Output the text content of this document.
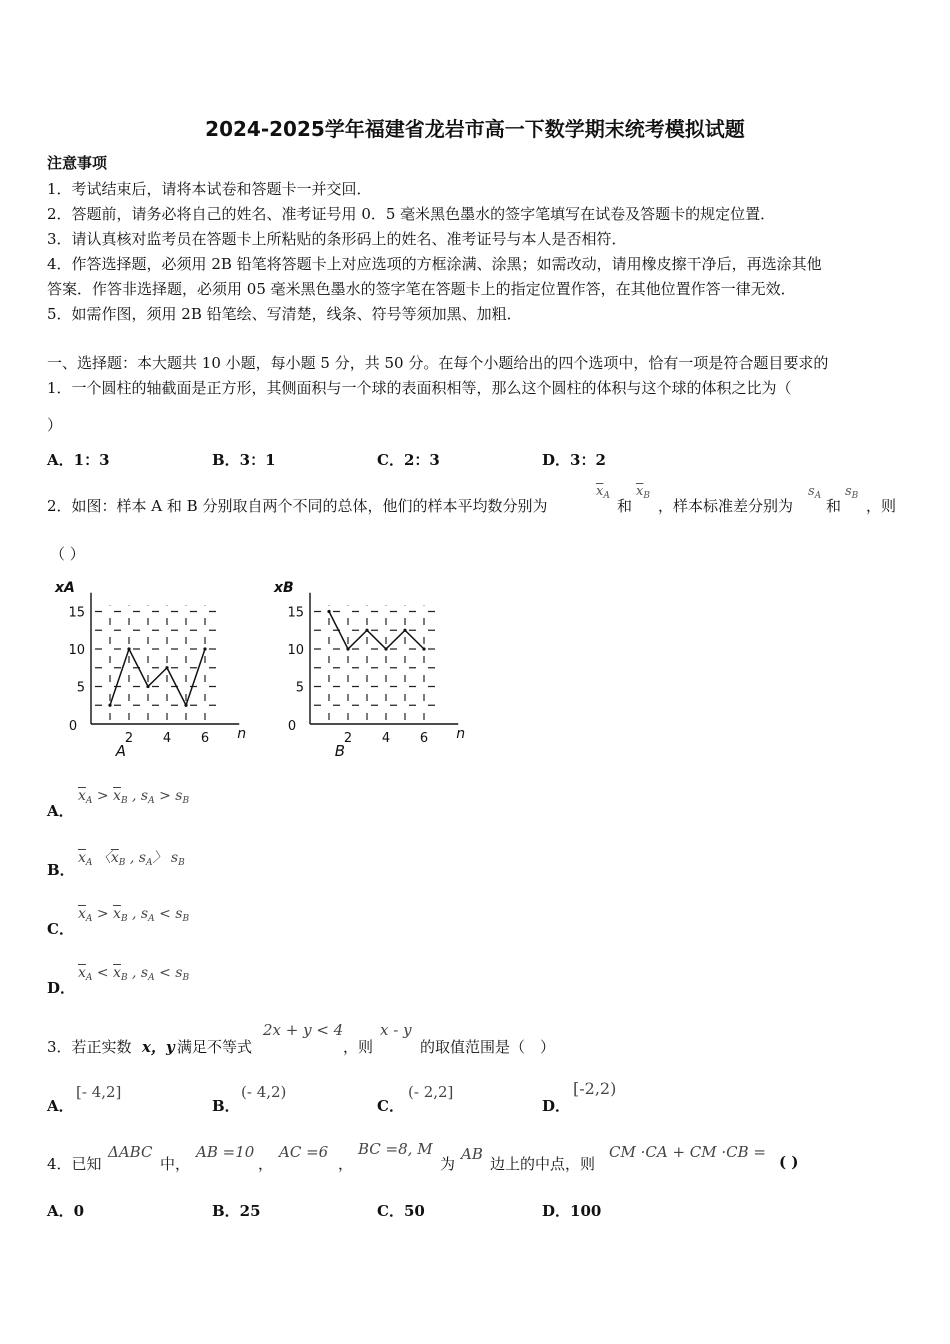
2024-2025学年福建省龙岩市高一下数学期末统考模拟试题
注意事项
1．考试结束后，请将本试卷和答题卡一并交回．
2．答题前，请务必将自己的姓名、准考证号用 0．5 毫米黑色墨水的签字笔填写在试卷及答题卡的规定位置．
3．请认真核对监考员在答题卡上所粘贴的条形码上的姓名、准考证号与本人是否相符．
4．作答选择题，必须用 2B 铅笔将答题卡上对应选项的方框涂满、涂黑；如需改动，请用橡皮擦干净后，再选涂其他
答案．作答非选择题，必须用 05 毫米黑色墨水的签字笔在答题卡上的指定位置作答，在其他位置作答一律无效．
5．如需作图，须用 2B 铅笔绘、写清楚，线条、符号等须加黑、加粗．
一、选择题：本大题共 10 小题，每小题 5 分，共 50 分。在每个小题给出的四个选项中，恰有一项是符合题目要求的
1．一个圆柱的轴截面是正方形，其侧面积与一个球的表面积相等，那么这个圆柱的体积与这个球的体积之比为（
）
A．1：3	B．3：1	C．2：3	D．3：2
2．如图：样本 A 和 B 分别取自两个不同的总体，他们的样本平均数分别为
$\overline{x}_A$
和
$\overline{x}_B$
，样本标准差分别为
$s_A$
和
$s_B$
，则
（ ）
5
10
15
2 4 6
0	n
xA
A
5
10
15
2 4 6
0	n
xB
B
A．
$\overline{x}_A > \overline{x}_B$ , $s_A > s_B$
B．
$\overline{x}_A$ 〈$\overline{x}_B$ , $s_A$〉 $s_B$
C．
$\overline{x}_A > \overline{x}_B$ , $s_A < s_B$
D．
$\overline{x}_A < \overline{x}_B$ , $s_A < s_B$
3．若正实数 x，y 满足不等式
2x + y < 4
，则
x - y
的取值范围是（　）
A．
[- 4,2]
B．
(- 4,2)
C．
(- 2,2]
D．
[-2,2)
4．已知
ΔABC
中，
AB =10
，
AC =6
，
BC =8, M
为
AB
边上的中点，则
CM ·CA + CM ·CB =
( )
A．0	B．25	C．50	D．100
